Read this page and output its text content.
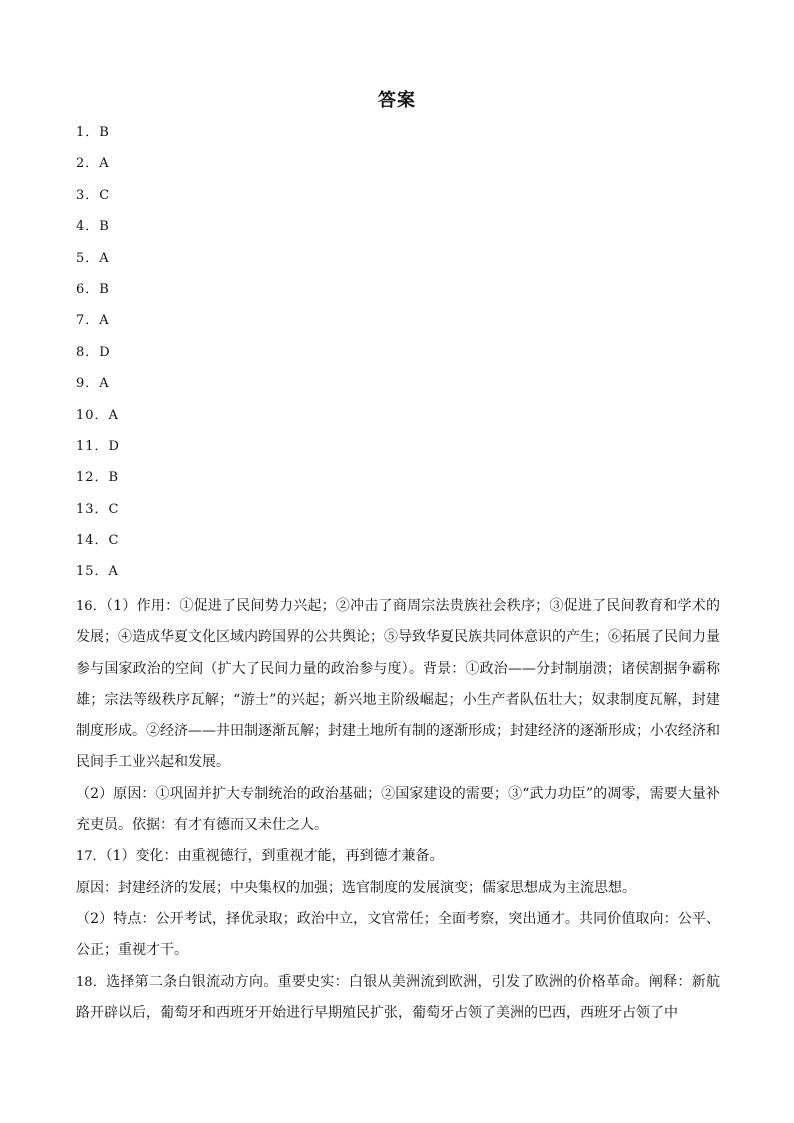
答案
1．B
2．A
3．C
4．B
5．A
6．B
7．A
8．D
9．A
10．A
11．D
12．B
13．C
14．C
15．A

16．（1）作用：①促进了民间势力兴起；②冲击了商周宗法贵族社会秩序；③促进了民间教育和学术的发展；④造成华夏文化区域内跨国界的公共舆论；⑤导致华夏民族共同体意识的产生；⑥拓展了民间力量参与国家政治的空间（扩大了民间力量的政治参与度）。背景：①政治——分封制崩溃；诸侯割据争霸称雄；宗法等级秩序瓦解；“游士”的兴起；新兴地主阶级崛起；小生产者队伍壮大；奴隶制度瓦解，封建制度形成。②经济——井田制逐渐瓦解；封建土地所有制的逐渐形成；封建经济的逐渐形成；小农经济和民间手工业兴起和发展。

（2）原因：①巩固并扩大专制统治的政治基础；②国家建设的需要；③“武力功臣”的凋零，需要大量补充吏员。依据：有才有德而又未仕之人。

17．（1）变化：由重视德行，到重视才能，再到德才兼备。

原因：封建经济的发展；中央集权的加强；选官制度的发展演变；儒家思想成为主流思想。

（2）特点：公开考试，择优录取；政治中立，文官常任；全面考察，突出通才。共同价值取向：公平、公正；重视才干。

18．选择第二条白银流动方向。重要史实：白银从美洲流到欧洲，引发了欧洲的价格革命。阐释：新航路开辟以后，葡萄牙和西班牙开始进行早期殖民扩张，葡萄牙占领了美洲的巴西，西班牙占领了中
